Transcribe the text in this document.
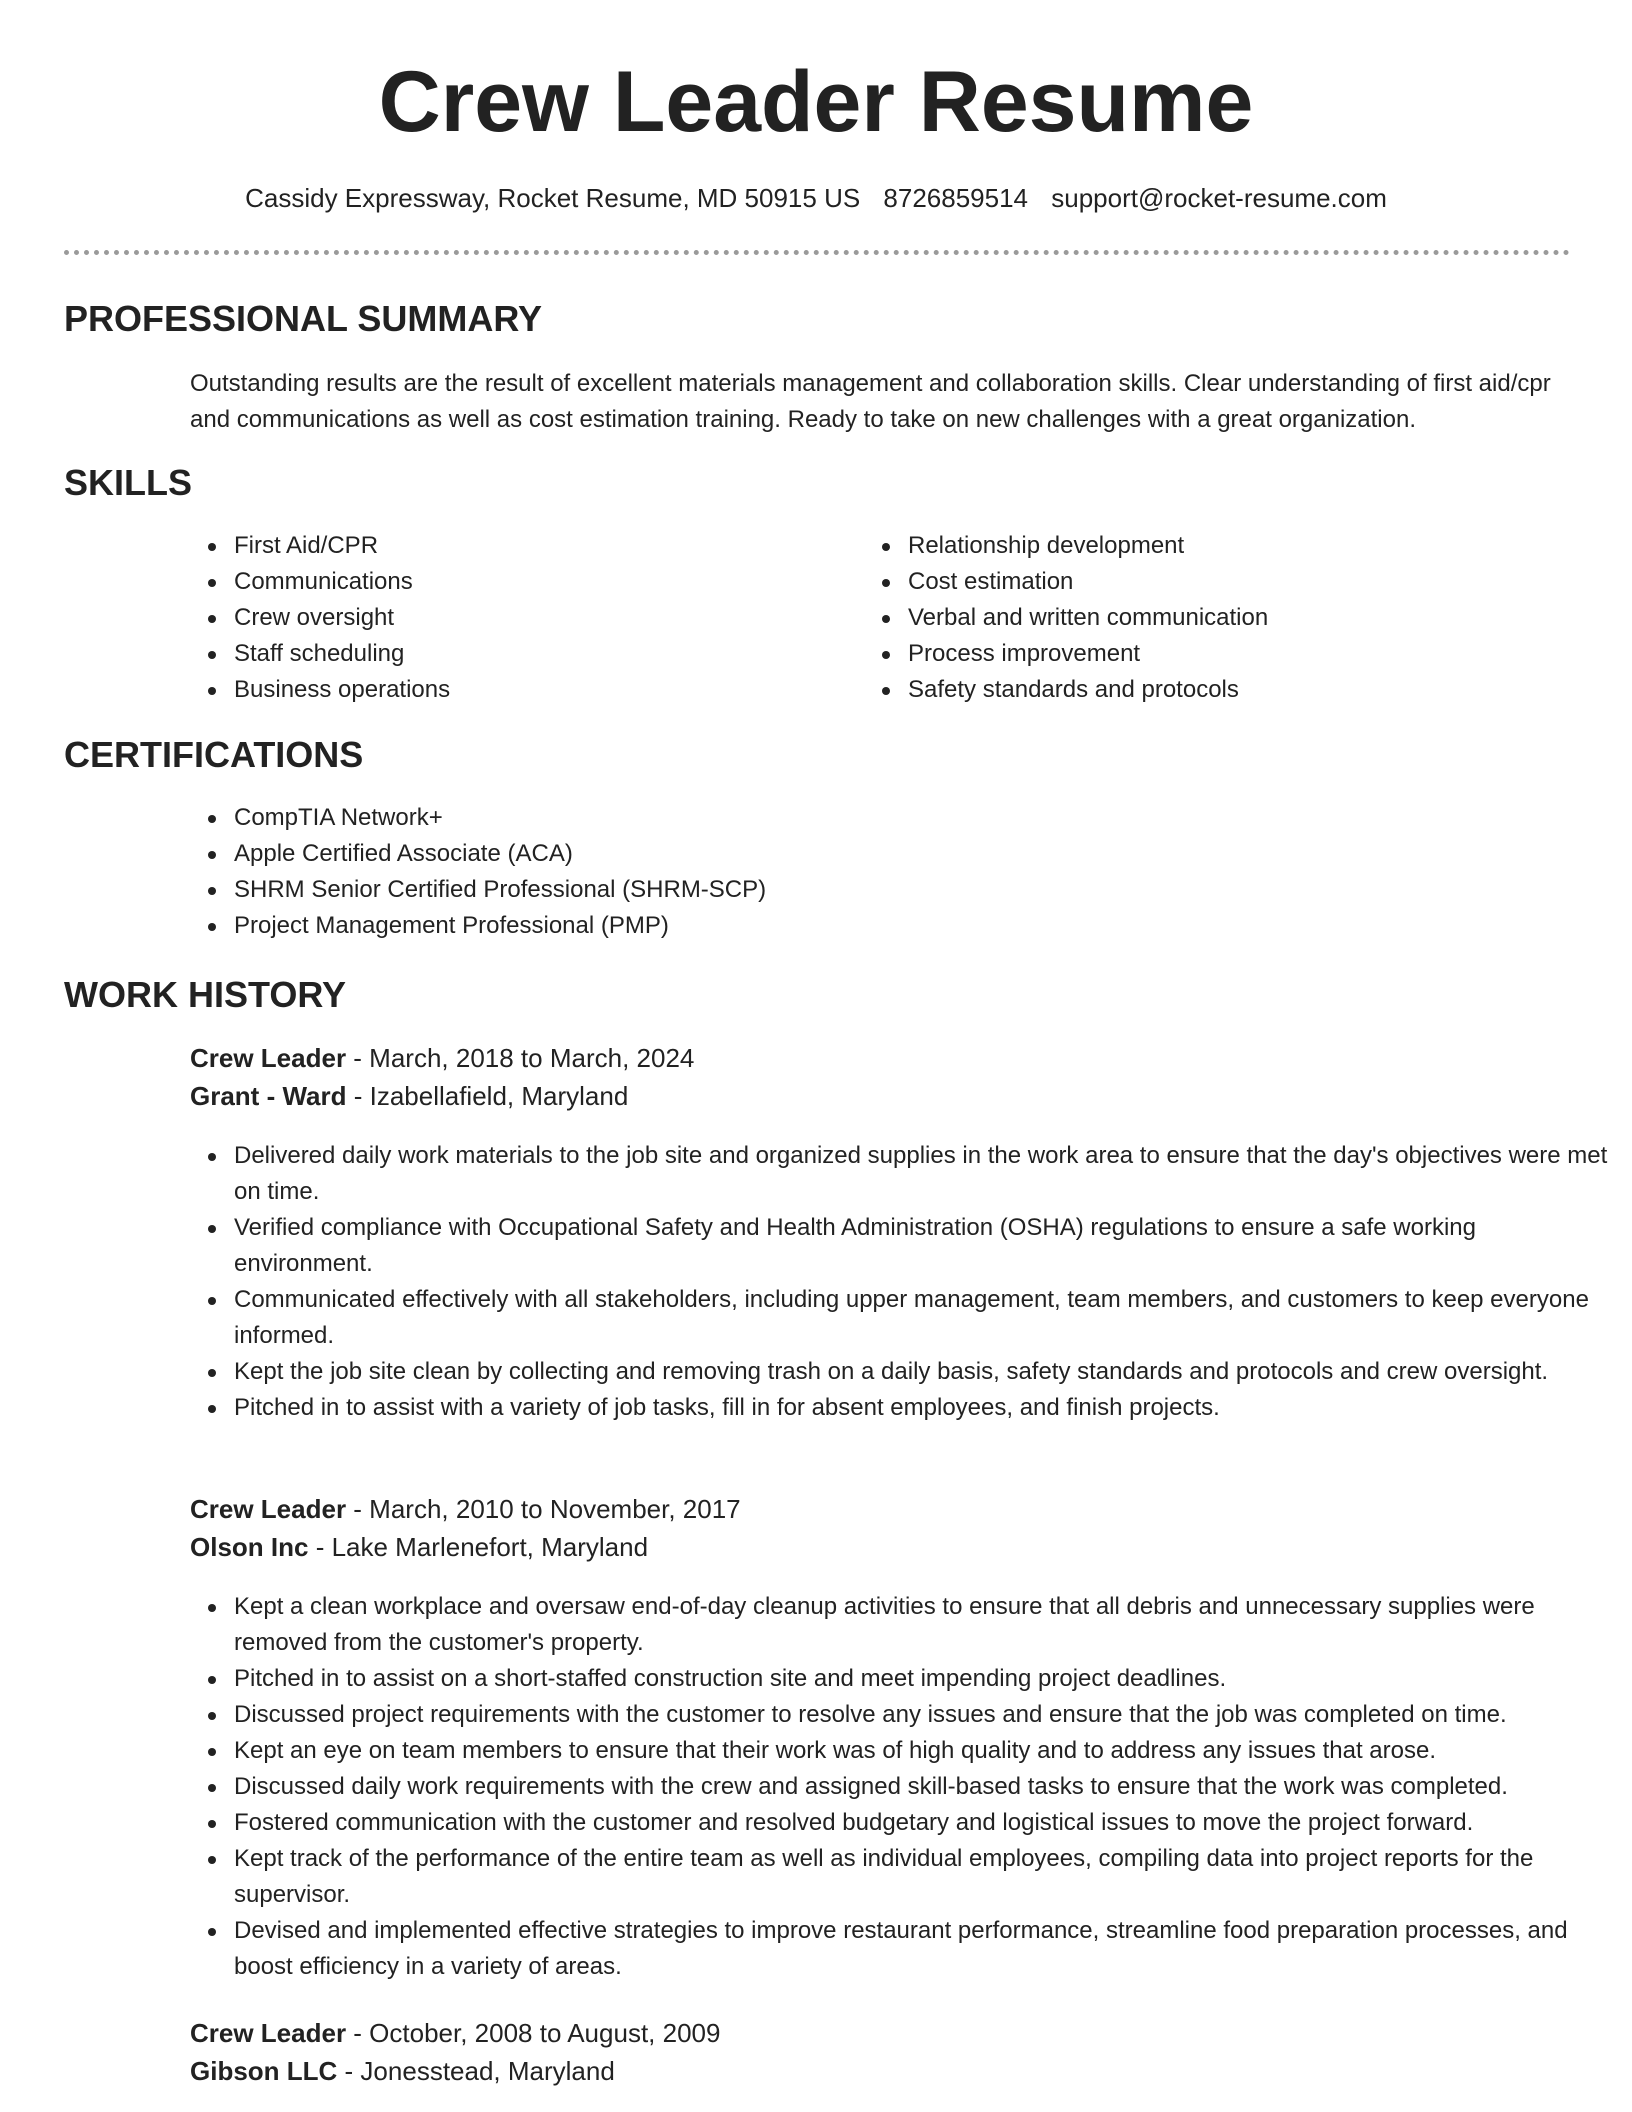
Crew Leader Resume
Cassidy Expressway, Rocket Resume, MD 50915 US 8726859514 support@rocket-resume.com
PROFESSIONAL SUMMARY

Outstanding results are the result of excellent materials management and collaboration skills. Clear understanding of first aid/cpr and communications as well as cost estimation training. Ready to take on new challenges with a great organization.

SKILLS
First Aid/CPR
Communications
Crew oversight
Staff scheduling
Business operations
Relationship development
Cost estimation
Verbal and written communication
Process improvement
Safety standards and protocols
CERTIFICATIONS
CompTIA Network+
Apple Certified Associate (ACA)
SHRM Senior Certified Professional (SHRM-SCP)
Project Management Professional (PMP)
WORK HISTORY

Crew Leader - March, 2018 to March, 2024

Grant - Ward - Izabellafield, Maryland

Delivered daily work materials to the job site and organized supplies in the work area to ensure that the day's objectives were met on time.
Verified compliance with Occupational Safety and Health Administration (OSHA) regulations to ensure a safe working environment.
Communicated effectively with all stakeholders, including upper management, team members, and customers to keep everyone informed.
Kept the job site clean by collecting and removing trash on a daily basis, safety standards and protocols and crew oversight.
Pitched in to assist with a variety of job tasks, fill in for absent employees, and finish projects.

Crew Leader - March, 2010 to November, 2017

Olson Inc - Lake Marlenefort, Maryland

Kept a clean workplace and oversaw end-of-day cleanup activities to ensure that all debris and unnecessary supplies were removed from the customer's property.
Pitched in to assist on a short-staffed construction site and meet impending project deadlines.
Discussed project requirements with the customer to resolve any issues and ensure that the job was completed on time.
Kept an eye on team members to ensure that their work was of high quality and to address any issues that arose.
Discussed daily work requirements with the crew and assigned skill-based tasks to ensure that the work was completed.
Fostered communication with the customer and resolved budgetary and logistical issues to move the project forward.
Kept track of the performance of the entire team as well as individual employees, compiling data into project reports for the supervisor.
Devised and implemented effective strategies to improve restaurant performance, streamline food preparation processes, and boost efficiency in a variety of areas.

Crew Leader - October, 2008 to August, 2009

Gibson LLC - Jonesstead, Maryland
